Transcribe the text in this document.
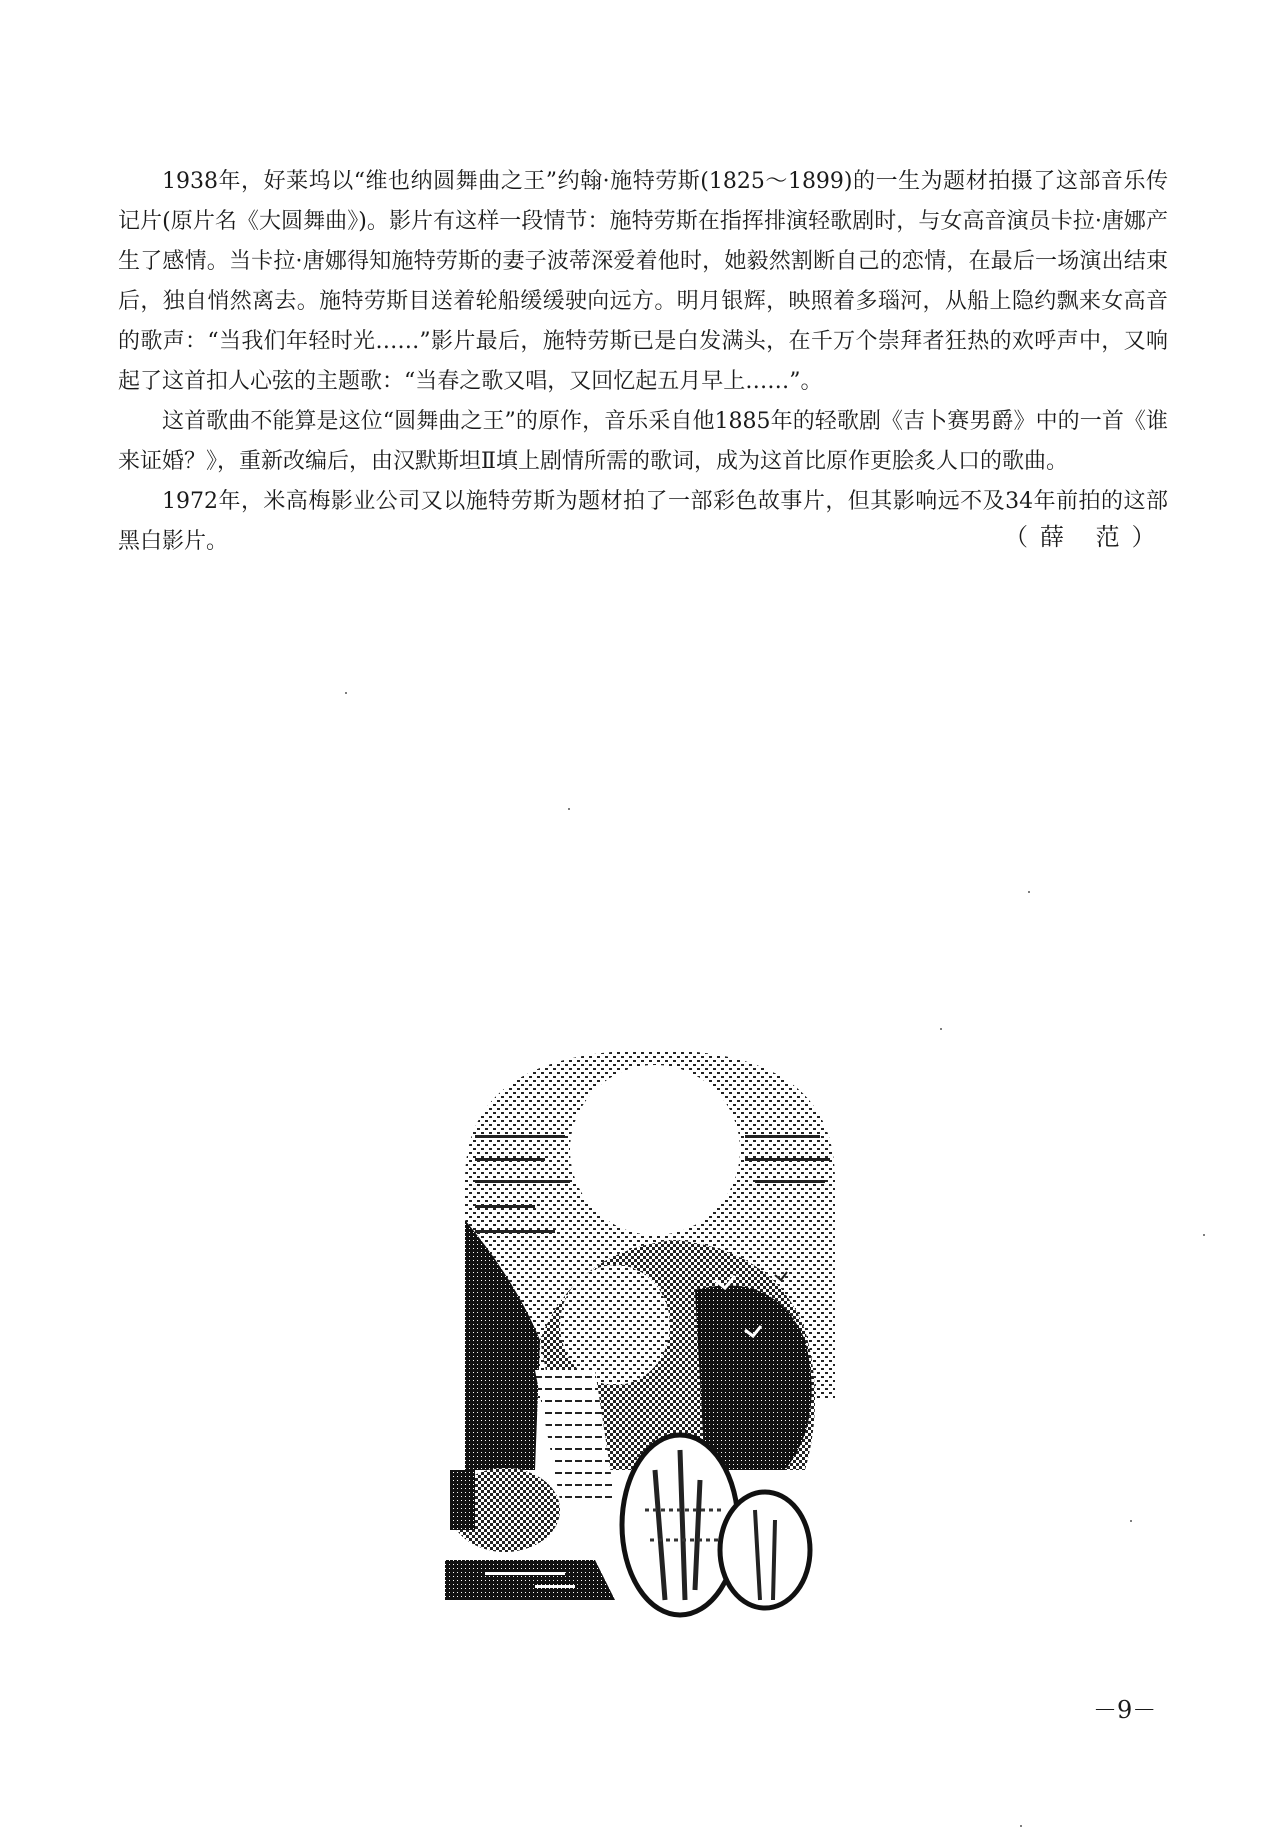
1938年，好莱坞以“维也纳圆舞曲之王”约翰·施特劳斯(1825～1899)的一生为题材拍摄了这部音乐传记片(原片名《大圆舞曲》)。影片有这样一段情节：施特劳斯在指挥排演轻歌剧时，与女高音演员卡拉·唐娜产生了感情。当卡拉·唐娜得知施特劳斯的妻子波蒂深爱着他时，她毅然割断自己的恋情，在最后一场演出结束后，独自悄然离去。施特劳斯目送着轮船缓缓驶向远方。明月银辉，映照着多瑙河，从船上隐约飘来女高音的歌声：“当我们年轻时光……”影片最后，施特劳斯已是白发满头，在千万个崇拜者狂热的欢呼声中，又响起了这首扣人心弦的主题歌：“当春之歌又唱，又回忆起五月早上……”。

这首歌曲不能算是这位“圆舞曲之王”的原作，音乐采自他1885年的轻歌剧《吉卜赛男爵》中的一首《谁来证婚？》，重新改编后，由汉默斯坦Ⅱ填上剧情所需的歌词，成为这首比原作更脍炙人口的歌曲。

1972年，米高梅影业公司又以施特劳斯为题材拍了一部彩色故事片，但其影响远不及34年前拍的这部黑白影片。	（薛 范）
－9－
